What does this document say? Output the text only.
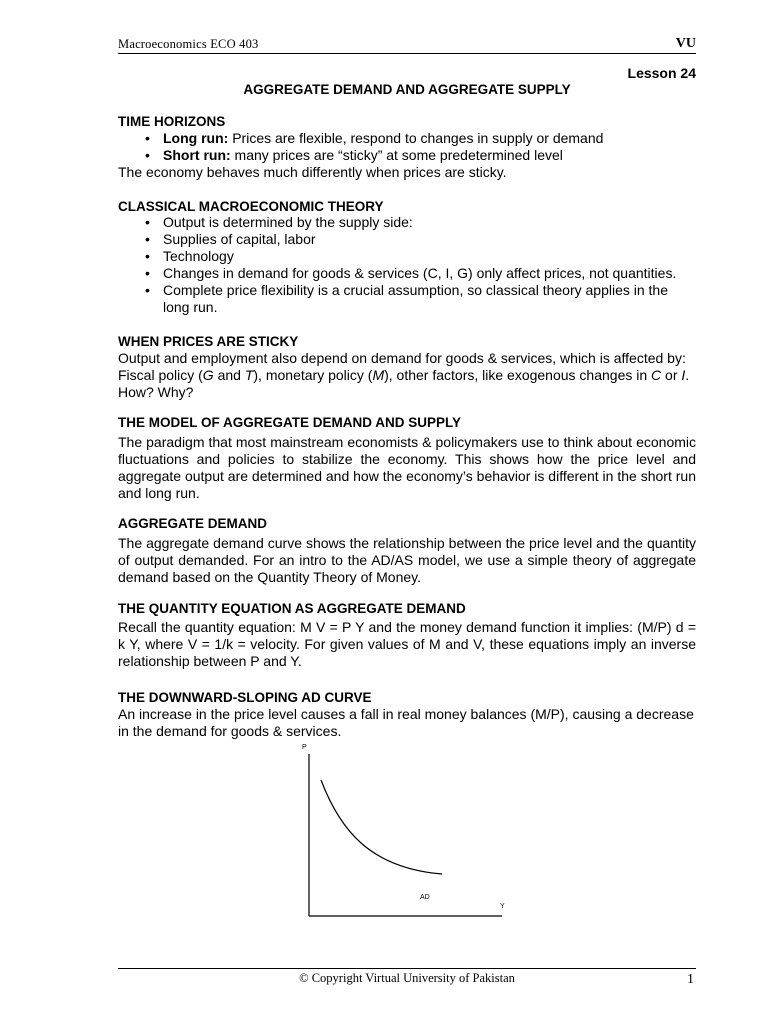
Macroeconomics ECO 403	VU
Lesson 24
AGGREGATE DEMAND AND AGGREGATE SUPPLY
TIME HORIZONS
• Long run: Prices are flexible, respond to changes in supply or demand
• Short run: many prices are “sticky” at some predetermined level
The economy behaves much differently when prices are sticky.
CLASSICAL MACROECONOMIC THEORY
• Output is determined by the supply side:
• Supplies of capital, labor
• Technology
• Changes in demand for goods & services (C, I, G) only affect prices, not quantities.
• Complete price flexibility is a crucial assumption, so classical theory applies in the long run.
WHEN PRICES ARE STICKY
Output and employment also depend on demand for goods & services, which is affected by:
Fiscal policy (G and T), monetary policy (M), other factors, like exogenous changes in C or I.
How? Why?
THE MODEL OF AGGREGATE DEMAND AND SUPPLY
The paradigm that most mainstream economists & policymakers use to think about economic fluctuations and policies to stabilize the economy. This shows how the price level and aggregate output are determined and how the economy’s behavior is different in the short run and long run.
AGGREGATE DEMAND
The aggregate demand curve shows the relationship between the price level and the quantity of output demanded. For an intro to the AD/AS model, we use a simple theory of aggregate demand based on the Quantity Theory of Money.
THE QUANTITY EQUATION AS AGGREGATE DEMAND
Recall the quantity equation: M V = P Y and the money demand function it implies: (M/P) d = k Y, where V = 1/k = velocity. For given values of M and V, these equations imply an inverse relationship between P and Y.
THE DOWNWARD-SLOPING AD CURVE
An increase in the price level causes a fall in real money balances (M/P), causing a decrease in the demand for goods & services.
P
AD
Y
© Copyright Virtual University of Pakistan	1
